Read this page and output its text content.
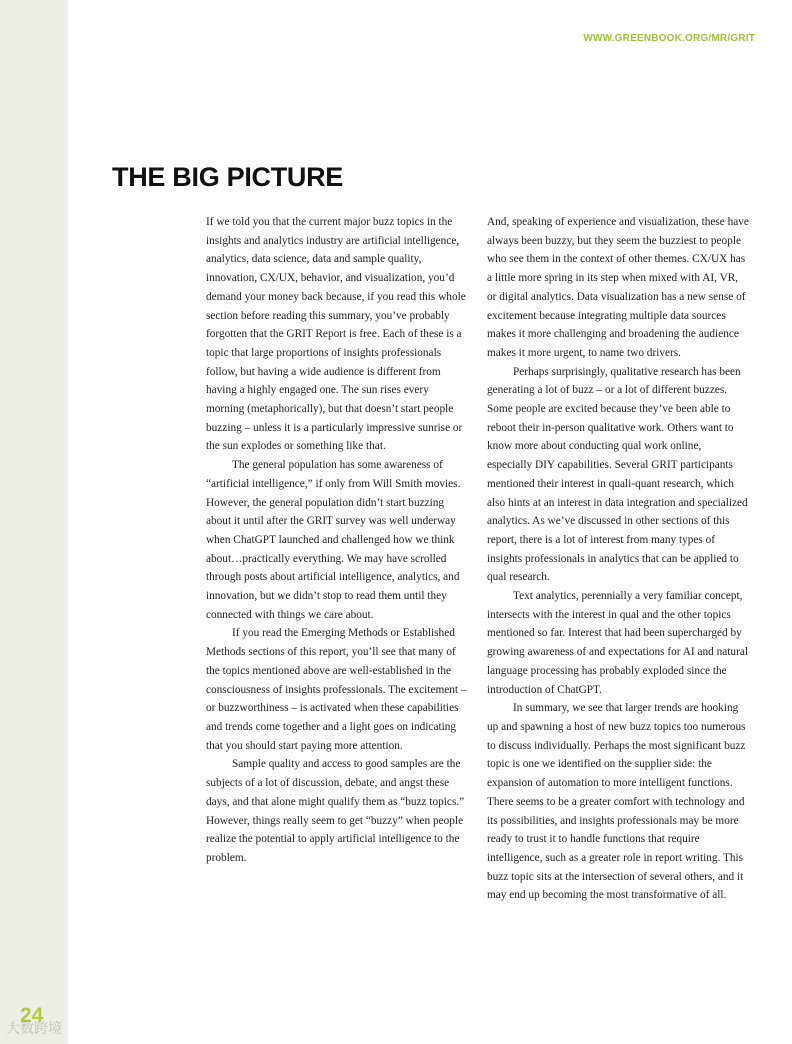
WWW.GREENBOOK.ORG/MR/GRIT
THE BIG PICTURE

If we told you that the current major buzz topics in the insights and analytics industry are artificial intelligence, analytics, data science, data and sample quality, innovation, CX/UX, behavior, and visualization, you’d demand your money back because, if you read this whole section before reading this summary, you’ve probably forgotten that the GRIT Report is free. Each of these is a topic that large proportions of insights professionals follow, but having a wide audience is different from having a highly engaged one. The sun rises every morning (metaphorically), but that doesn’t start people buzzing – unless it is a particularly impressive sunrise or the sun explodes or something like that.

The general population has some awareness of “artificial intelligence,” if only from Will Smith movies. However, the general population didn’t start buzzing about it until after the GRIT survey was well underway when ChatGPT launched and challenged how we think about…practically everything. We may have scrolled through posts about artificial intelligence, analytics, and innovation, but we didn’t stop to read them until they connected with things we care about.

If you read the Emerging Methods or Established Methods sections of this report, you’ll see that many of the topics mentioned above are well-established in the consciousness of insights professionals. The excitement – or buzzworthiness – is activated when these capabilities and trends come together and a light goes on indicating that you should start paying more attention.

Sample quality and access to good samples are the subjects of a lot of discussion, debate, and angst these days, and that alone might qualify them as “buzz topics.” However, things really seem to get “buzzy” when people realize the potential to apply artificial intelligence to the problem.

And, speaking of experience and visualization, these have always been buzzy, but they seem the buzziest to people who see them in the context of other themes. CX/UX has a little more spring in its step when mixed with AI, VR, or digital analytics. Data visualization has a new sense of excitement because integrating multiple data sources makes it more challenging and broadening the audience makes it more urgent, to name two drivers.

Perhaps surprisingly, qualitative research has been generating a lot of buzz – or a lot of different buzzes. Some people are excited because they’ve been able to reboot their in-person qualitative work. Others want to know more about conducting qual work online, especially DIY capabilities. Several GRIT participants mentioned their interest in quali-quant research, which also hints at an interest in data integration and specialized analytics. As we’ve discussed in other sections of this report, there is a lot of interest from many types of insights professionals in analytics that can be applied to qual research.

Text analytics, perennially a very familiar concept, intersects with the interest in qual and the other topics mentioned so far. Interest that had been supercharged by growing awareness of and expectations for AI and natural language processing has probably exploded since the introduction of ChatGPT.

In summary, we see that larger trends are hooking up and spawning a host of new buzz topics too numerous to discuss individually. Perhaps the most significant buzz topic is one we identified on the supplier side: the expansion of automation to more intelligent functions. There seems to be a greater comfort with technology and its possibilities, and insights professionals may be more ready to trust it to handle functions that require intelligence, such as a greater role in report writing. This buzz topic sits at the intersection of several others, and it may end up becoming the most transformative of all.

24
大数跨境
